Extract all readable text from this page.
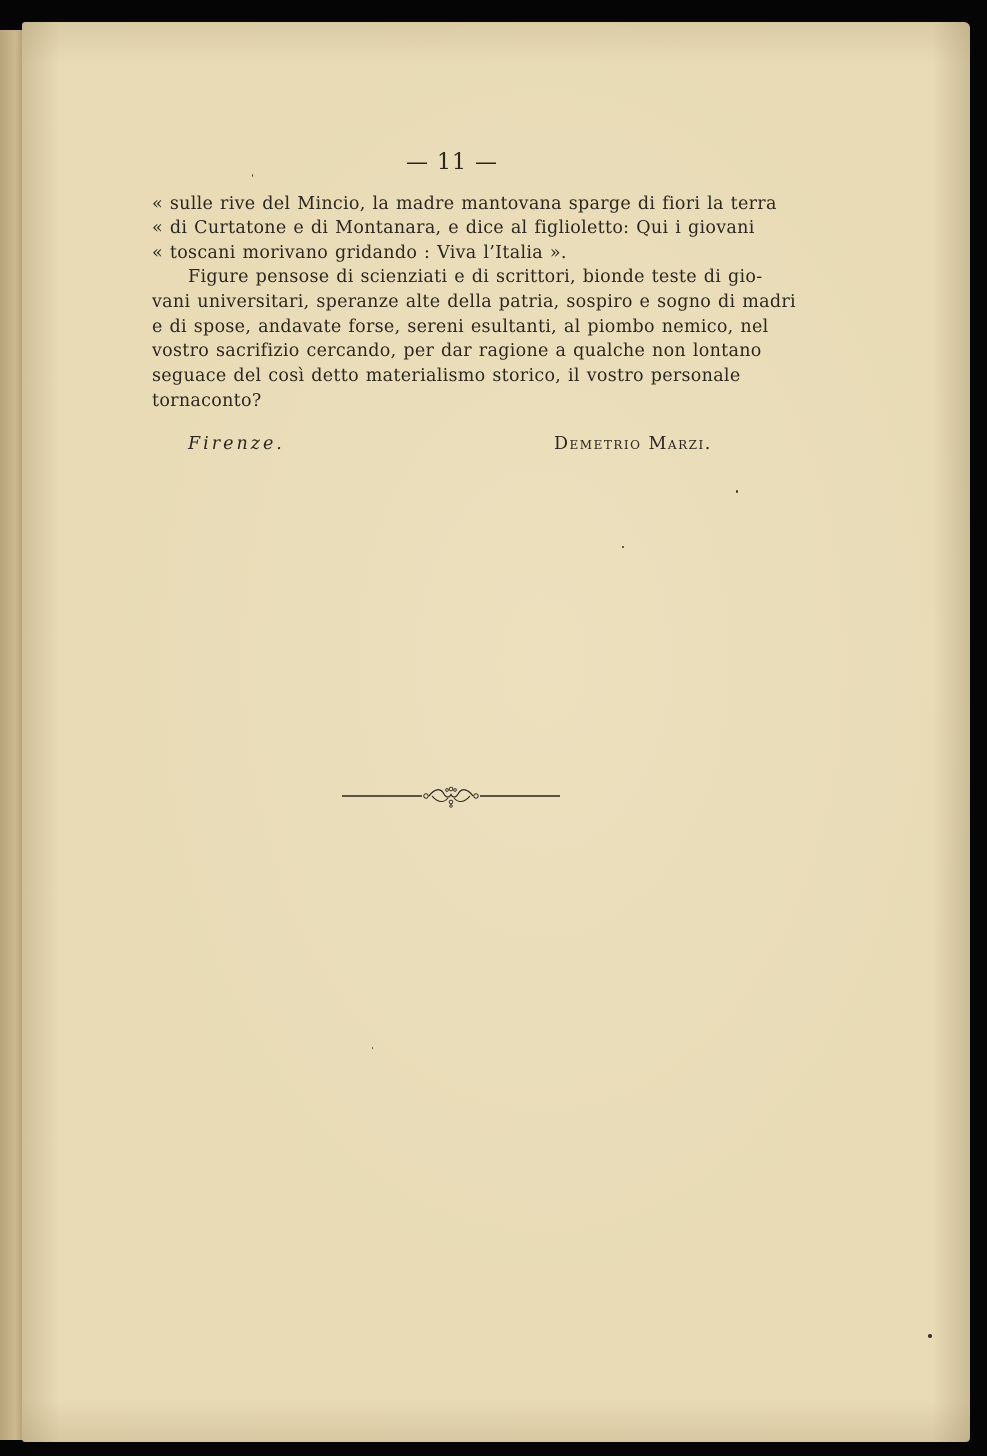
— 11 —
« sulle rive del Mincio, la madre mantovana sparge di fiori la terra
« di Curtatone e di Montanara, e dice al figlioletto: Qui i giovani
« toscani morivano gridando : Viva l’Italia ».
Figure pensose di scienziati e di scrittori, bionde teste di gio-
vani universitari, speranze alte della patria, sospiro e sogno di madri
e di spose, andavate forse, sereni esultanti, al piombo nemico, nel
vostro sacrifizio cercando, per dar ragione a qualche non lontano
seguace del così detto materialismo storico, il vostro personale
tornaconto?
Firenze.	Demetrio Marzi.
